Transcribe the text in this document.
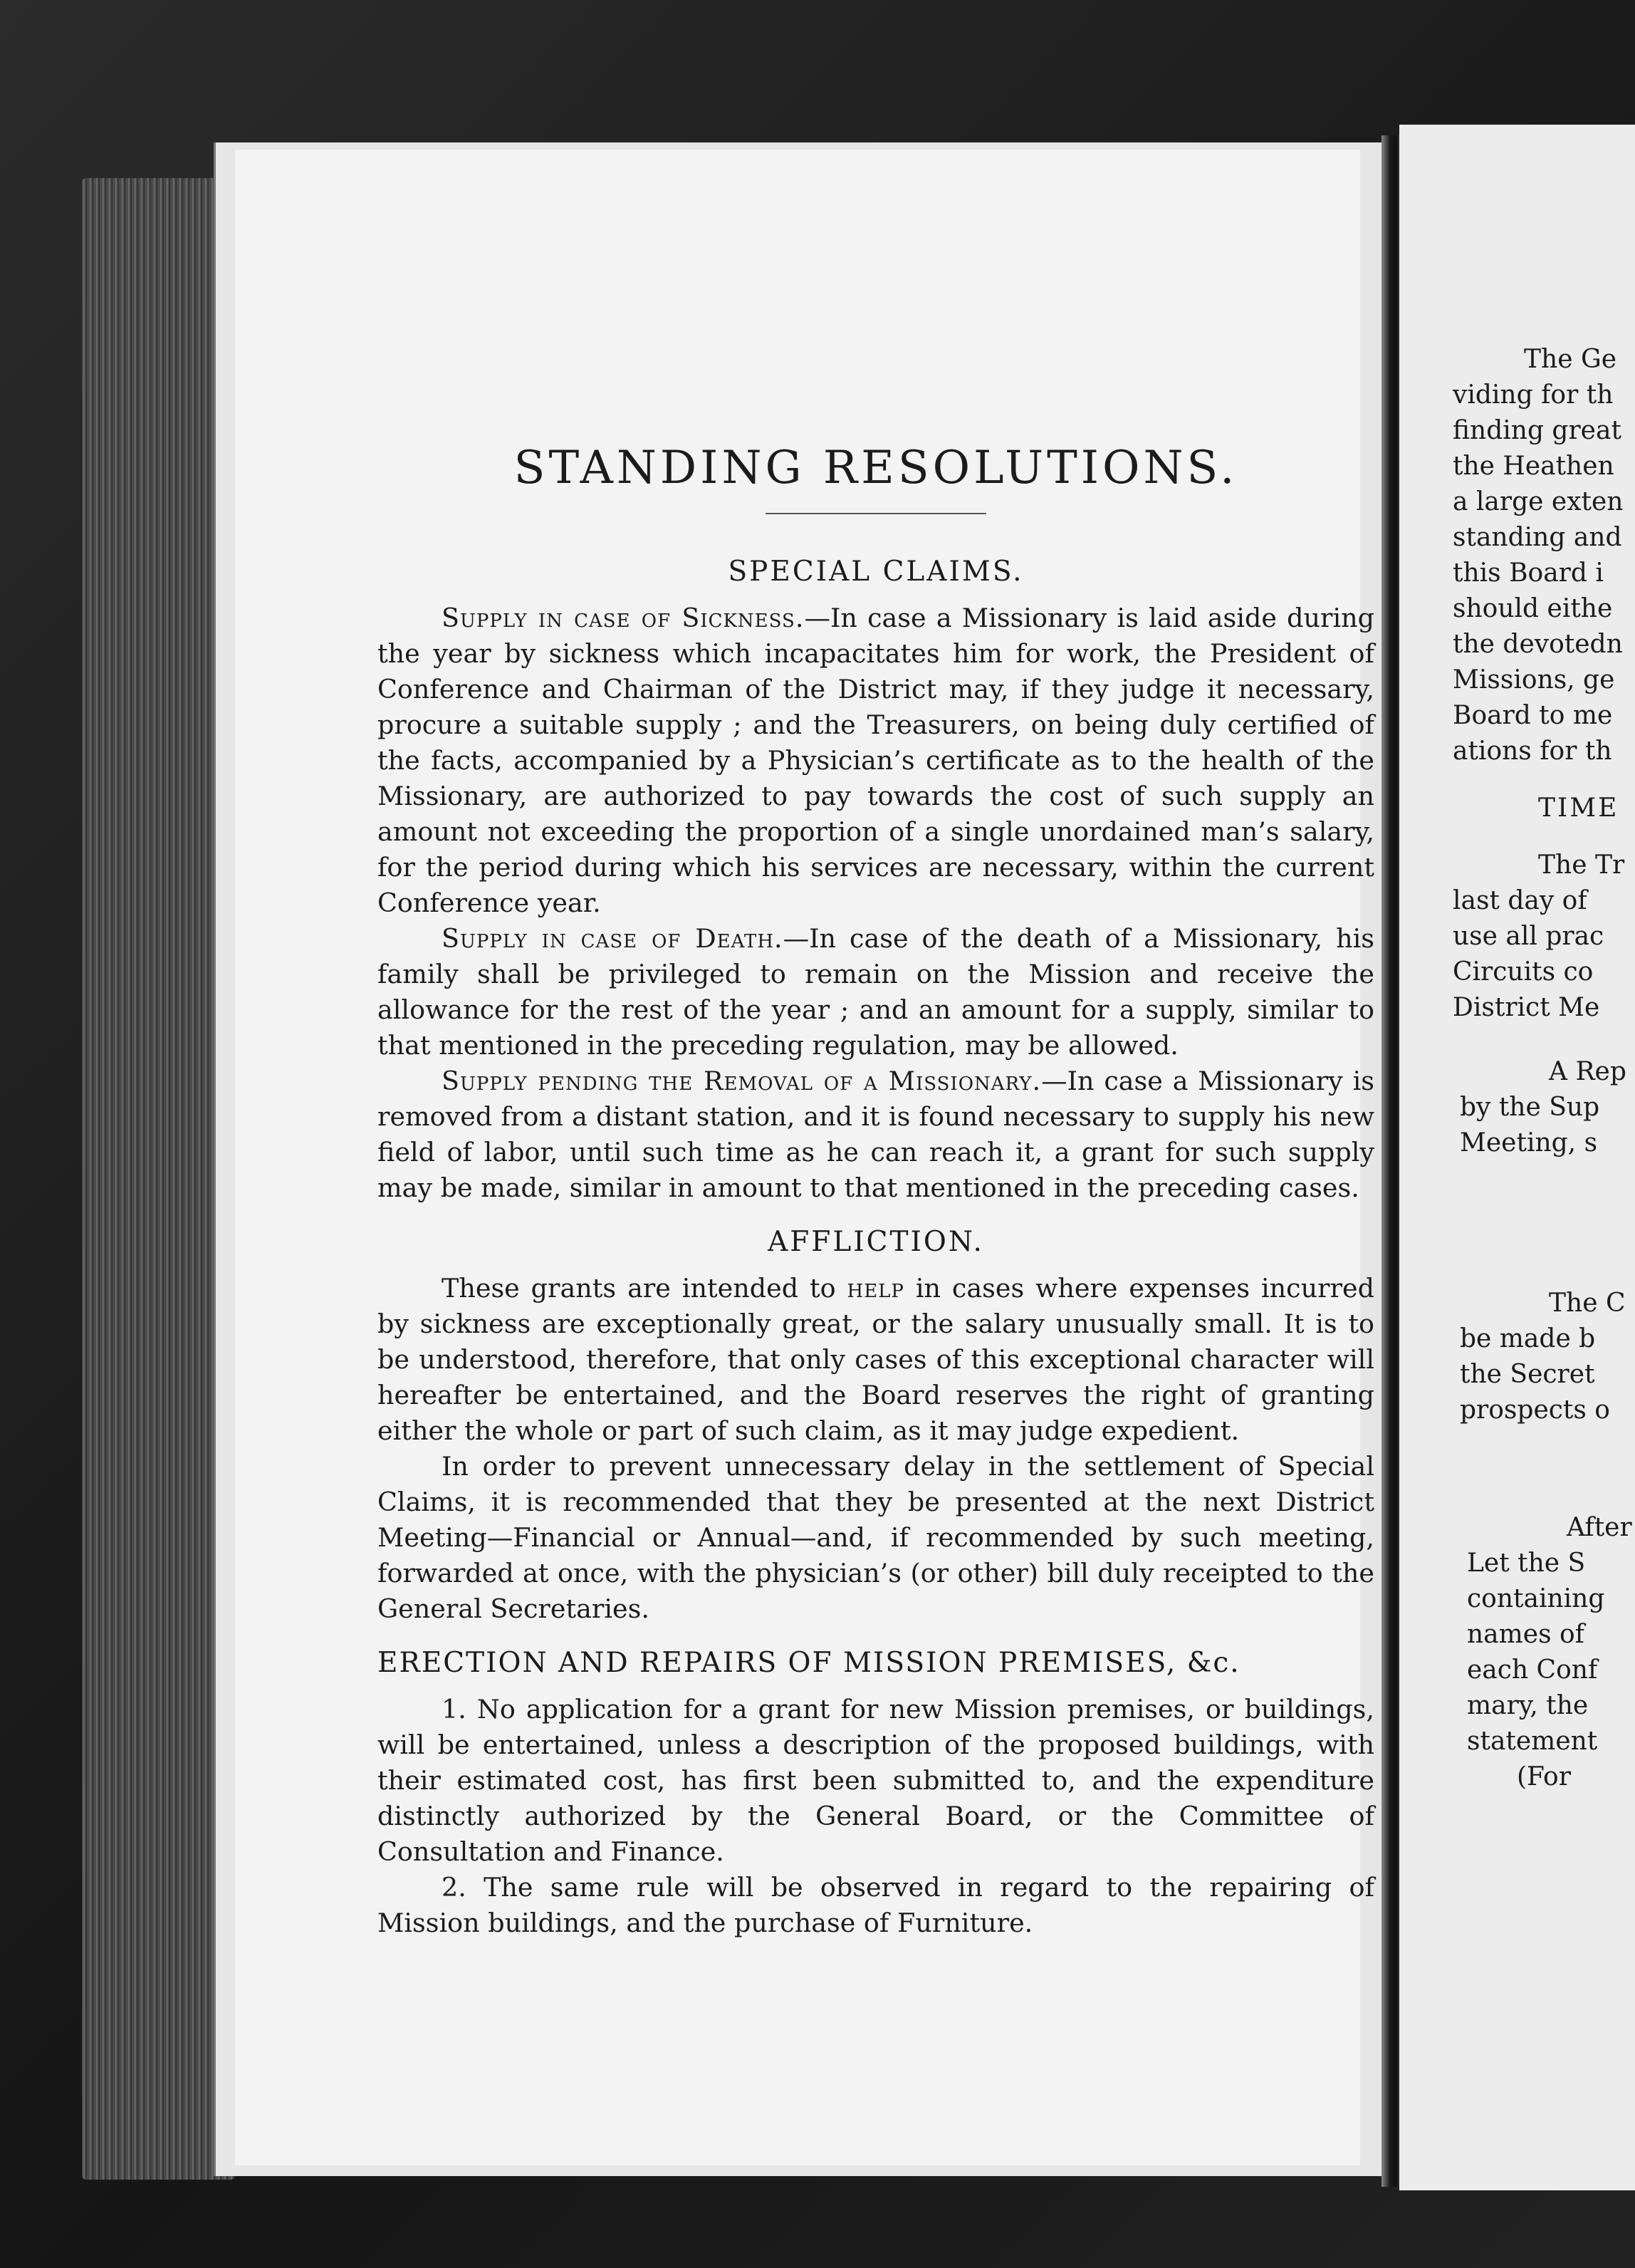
STANDING RESOLUTIONS.
SPECIAL CLAIMS.

Supply in case of Sickness.—In case a Missionary is laid aside during the year by sickness which incapacitates him for work, the President of Conference and Chairman of the District may, if they judge it necessary, procure a suitable supply ; and the Treasurers, on being duly certified of the facts, accompanied by a Physician’s certificate as to the health of the Missionary, are authorized to pay towards the cost of such supply an amount not exceeding the proportion of a single unordained man’s salary, for the period during which his services are necessary, within the current Conference year.

Supply in case of Death.—In case of the death of a Missionary, his family shall be privileged to remain on the Mission and receive the allowance for the rest of the year ; and an amount for a supply, similar to that mentioned in the preceding regulation, may be allowed.

Supply pending the Removal of a Missionary.—In case a Missionary is removed from a distant station, and it is found necessary to supply his new field of labor, until such time as he can reach it, a grant for such supply may be made, similar in amount to that mentioned in the preceding cases.

AFFLICTION.

These grants are intended to help in cases where expenses incurred by sickness are exceptionally great, or the salary unusually small. It is to be understood, therefore, that only cases of this exceptional character will hereafter be entertained, and the Board reserves the right of granting either the whole or part of such claim, as it may judge expedient.

In order to prevent unnecessary delay in the settlement of Special Claims, it is recommended that they be presented at the next District Meeting—Financial or Annual—and, if recommended by such meeting, forwarded at once, with the physician’s (or other) bill duly receipted to the General Secretaries.

ERECTION AND REPAIRS OF MISSION PREMISES, &c.

1. No application for a grant for new Mission premises, or buildings, will be entertained, unless a description of the proposed buildings, with their estimated cost, has first been submitted to, and the expenditure distinctly authorized by the General Board, or the Committee of Consultation and Finance.

2. The same rule will be observed in regard to the repairing of Mission buildings, and the purchase of Furniture.

The Ge
viding for th
finding great
the Heathen
a large exten
standing and
this Board i
should eithe
the devotedn
Missions, ge
Board to me
ations for th
TIME
The Tr
last day of
use all prac
Circuits co
District Me
A Rep
by the Sup
Meeting, s
The C
be made b
the Secret
prospects o
After
Let the S
containing
names of
each Conf
mary, the
statement
(For
